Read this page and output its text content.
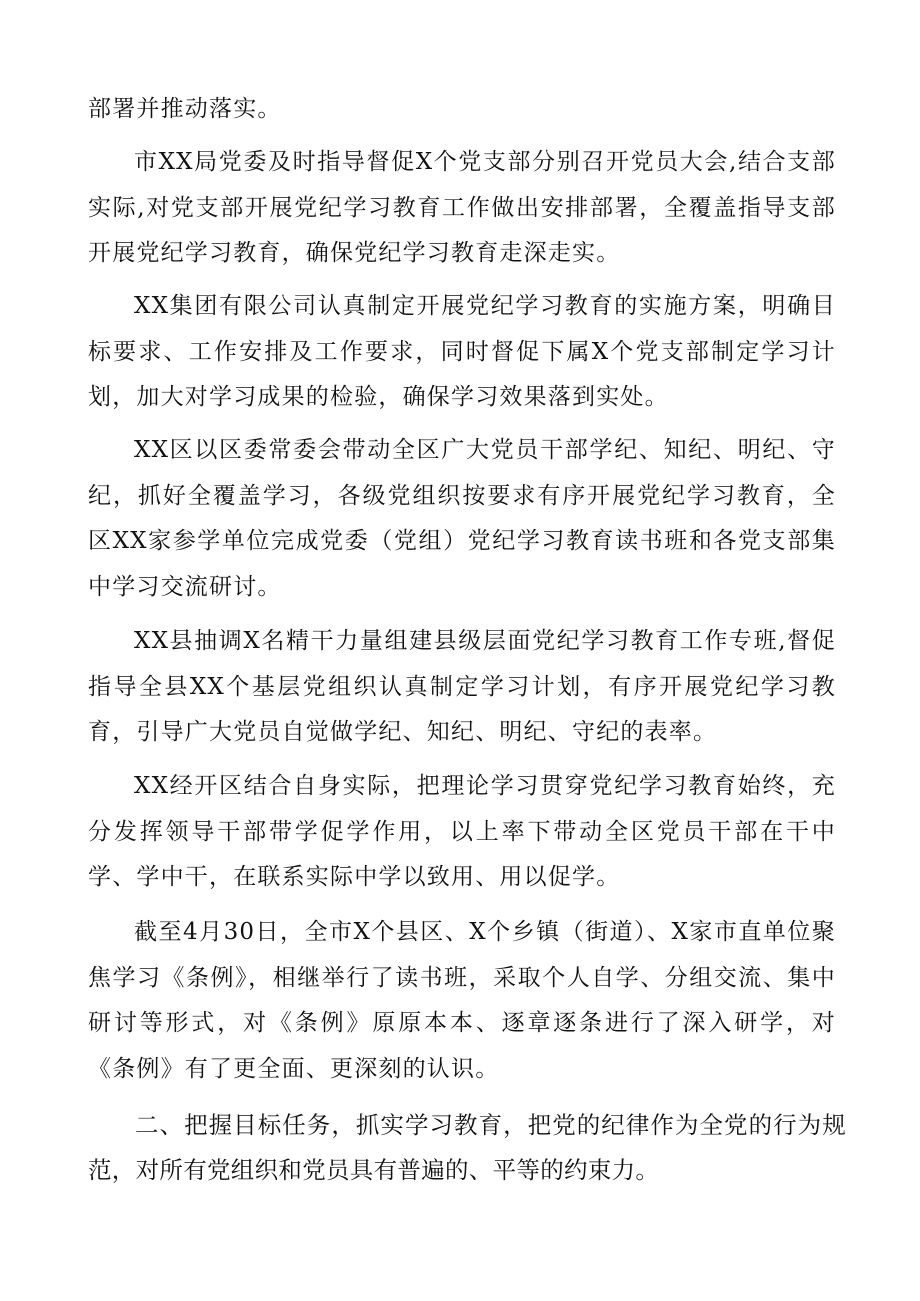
部署并推动落实。

市XX局党委及时指导督促X个党支部分别召开党员大会,结合支部实际,对党支部开展党纪学习教育工作做出安排部署，全覆盖指导支部开展党纪学习教育，确保党纪学习教育走深走实。

XX集团有限公司认真制定开展党纪学习教育的实施方案，明确目标要求、工作安排及工作要求，同时督促下属X个党支部制定学习计划，加大对学习成果的检验，确保学习效果落到实处。

XX区以区委常委会带动全区广大党员干部学纪、知纪、明纪、守纪，抓好全覆盖学习，各级党组织按要求有序开展党纪学习教育，全区XX家参学单位完成党委（党组）党纪学习教育读书班和各党支部集中学习交流研讨。

XX县抽调X名精干力量组建县级层面党纪学习教育工作专班,督促指导全县XX个基层党组织认真制定学习计划，有序开展党纪学习教育，引导广大党员自觉做学纪、知纪、明纪、守纪的表率。

XX经开区结合自身实际，把理论学习贯穿党纪学习教育始终，充分发挥领导干部带学促学作用，以上率下带动全区党员干部在干中学、学中干，在联系实际中学以致用、用以促学。

截至4月30日，全市X个县区、X个乡镇（街道）、X家市直单位聚焦学习《条例》，相继举行了读书班，采取个人自学、分组交流、集中研讨等形式，对《条例》原原本本、逐章逐条进行了深入研学，对《条例》有了更全面、更深刻的认识。

二、把握目标任务，抓实学习教育，把党的纪律作为全党的行为规范，对所有党组织和党员具有普遍的、平等的约束力。
